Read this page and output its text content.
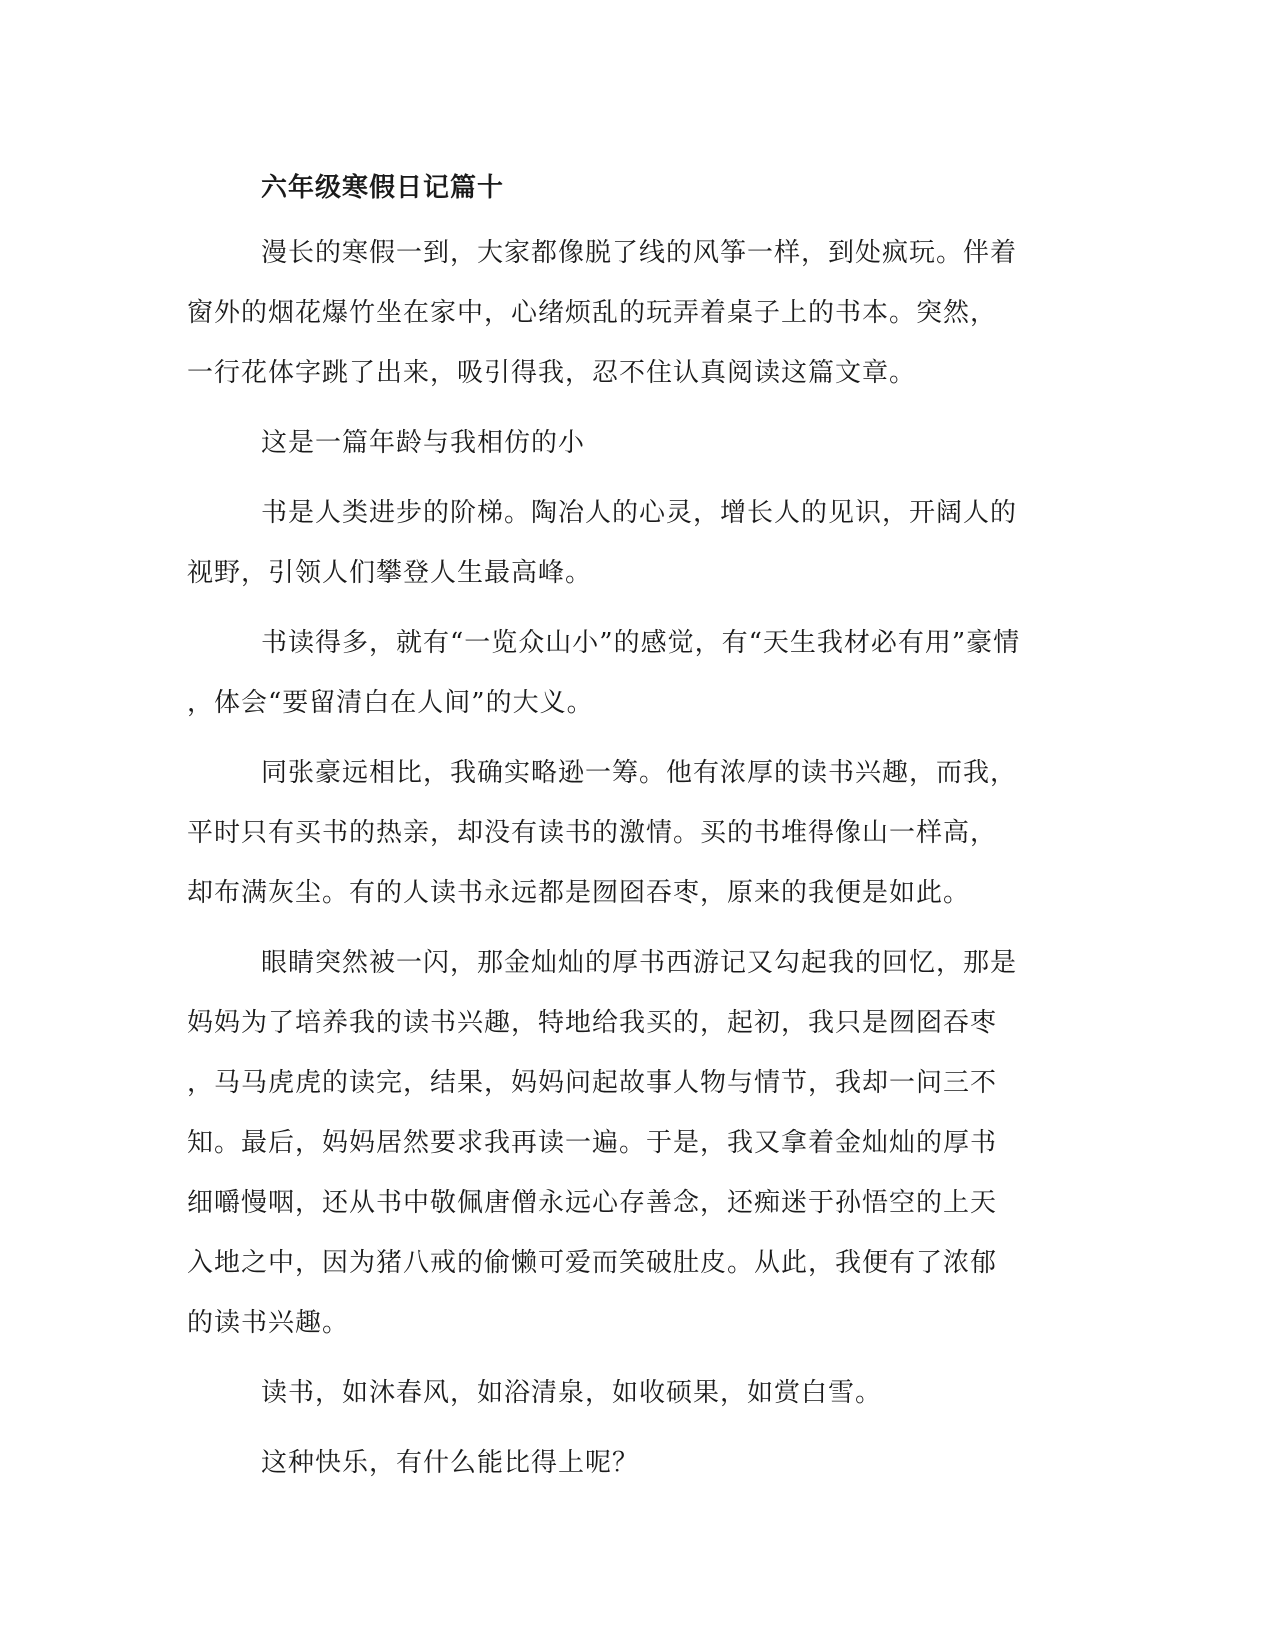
六年级寒假日记篇十
漫长的寒假一到，大家都像脱了线的风筝一样，到处疯玩。伴着
窗外的烟花爆竹坐在家中，心绪烦乱的玩弄着桌子上的书本。突然，
一行花体字跳了出来，吸引得我，忍不住认真阅读这篇文章。
这是一篇年龄与我相仿的小
书是人类进步的阶梯。陶冶人的心灵，增长人的见识，开阔人的
视野，引领人们攀登人生最高峰。
书读得多，就有“一览众山小”的感觉，有“天生我材必有用”豪情
，体会“要留清白在人间”的大义。
同张豪远相比，我确实略逊一筹。他有浓厚的读书兴趣，而我，
平时只有买书的热亲，却没有读书的激情。买的书堆得像山一样高，
却布满灰尘。有的人读书永远都是囫囵吞枣，原来的我便是如此。
眼睛突然被一闪，那金灿灿的厚书西游记又勾起我的回忆，那是
妈妈为了培养我的读书兴趣，特地给我买的，起初，我只是囫囵吞枣
，马马虎虎的读完，结果，妈妈问起故事人物与情节，我却一问三不
知。最后，妈妈居然要求我再读一遍。于是，我又拿着金灿灿的厚书
细嚼慢咽，还从书中敬佩唐僧永远心存善念，还痴迷于孙悟空的上天
入地之中，因为猪八戒的偷懒可爱而笑破肚皮。从此，我便有了浓郁
的读书兴趣。
读书，如沐春风，如浴清泉，如收硕果，如赏白雪。
这种快乐，有什么能比得上呢？
